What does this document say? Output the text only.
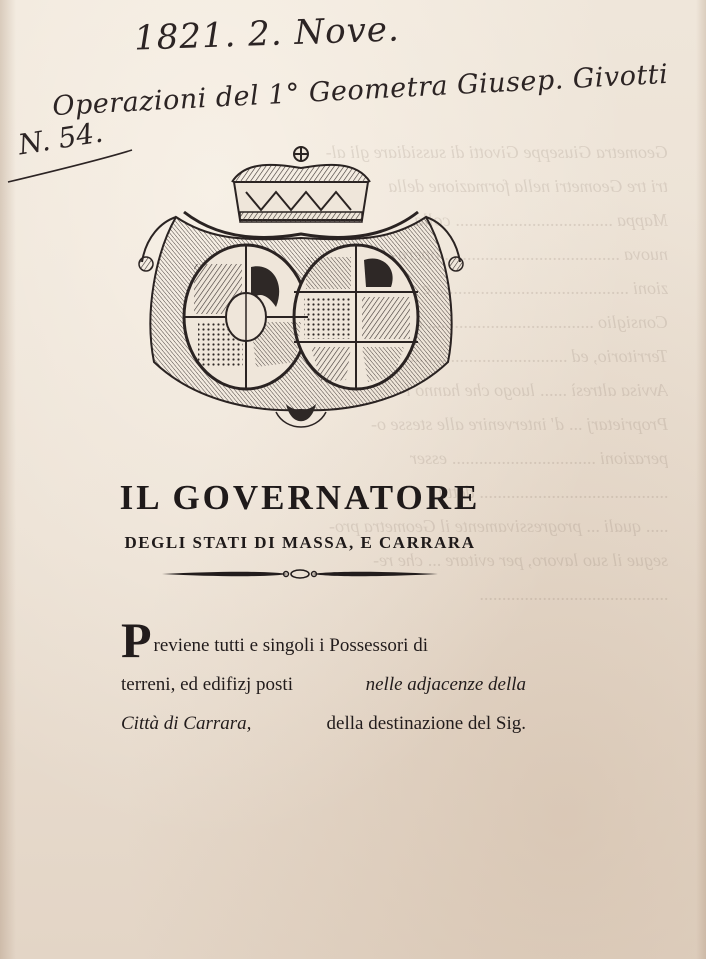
Geometra Giuseppe Givotti di sussidiare gli al-
tri tre Geometri nella formazione della
Mappa ................................... colla
nuova ....................................... opera-
zioni ........................................... e
Consiglio ..................................... del
Territorio, ed ...................................
Avvisa altresì ...... luogo che hanno i
Proprietarj ... d' intervenire alle stesse o-
perazioni ................................ esser
.......................................... detta
..... quali ... progressivamente il Geometra pro-
segue il suo lavoro, per evitare ... che re-
..........................................
1821. 2. Nove.
Operazioni del 1° Geometra Giusep. Givotti
N. 54.
IL GOVERNATORE
DEGLI STATI DI MASSA, E CARRARA
Previene tutti e singoli i Possessori di
terreni, ed edifizj posti	nelle adjacenze della
Città di Carrara,	della destinazione del Sig.
